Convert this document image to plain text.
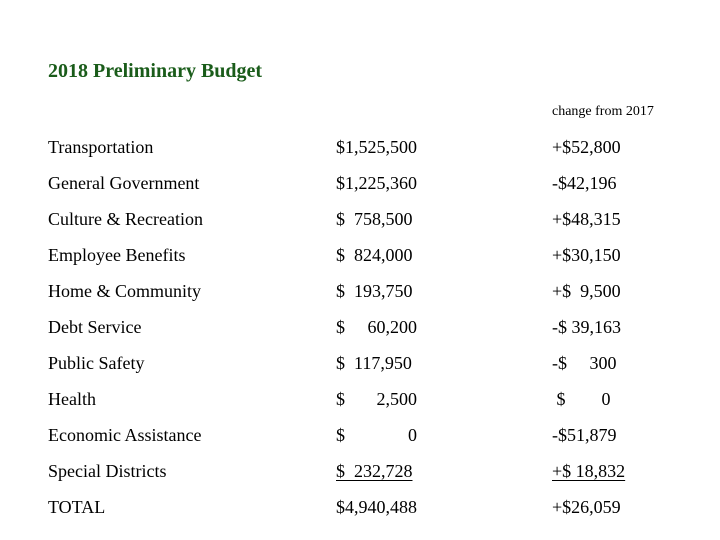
2018 Preliminary Budget
change from 2017
Transportation	$1,525,500	+$52,800
General Government	$1,225,360	-$42,196
Culture & Recreation	$  758,500	+$48,315
Employee Benefits	$  824,000	+$30,150
Home & Community	$  193,750	+$  9,500
Debt Service	$     60,200	-$ 39,163
Public Safety	$  117,950	-$     300
Health	$       2,500	$        0
Economic Assistance	$              0	-$51,879
Special Districts	$  232,728	+$ 18,832
TOTAL	$4,940,488	+$26,059
